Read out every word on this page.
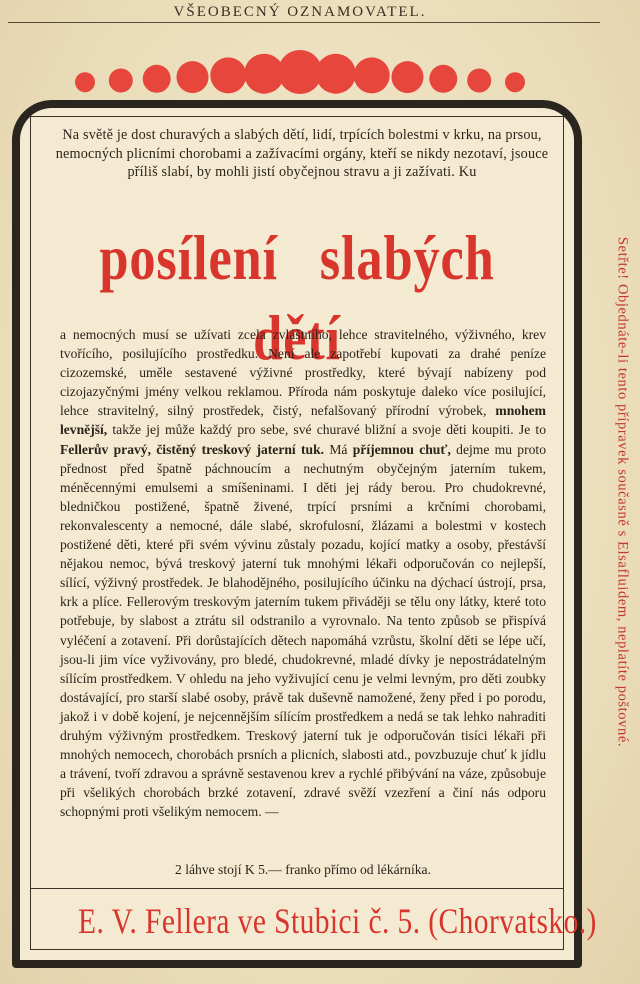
VŠEOBECNÝ OZNAMOVATEL.
Na světě je dost churavých a slabých dětí, lidí, trpících bolestmi v krku, na prsou, nemocných plicními chorobami a zažívacími orgány, kteří se nikdy nezotaví, jsouce příliš slabí, by mohli jistí obyčejnou stravu a ji zažívati. Ku
posílení slabých dětí
a nemocných musí se užívati zcela zvláštního, lehce stravitelného, výživného, krev tvořícího, posilujícího prostředku. Není ale zapotřebí kupovati za drahé peníze cizozemské, uměle sestavené výživné prostředky, které bývají nabízeny pod cizojazyčnými jmény velkou reklamou. Příroda nám poskytuje daleko více posilující, lehce stravitelný, silný prostředek, čistý, nefalšovaný přírodní výrobek, mnohem levnější, takže jej může každý pro sebe, své churavé bližní a svoje děti koupiti. Je to Fellerův pravý, čistěný treskový jaterní tuk. Má příjemnou chuť, dejme mu proto přednost před špatně páchnoucím a nechutným obyčejným jaterním tukem, méněcennými emulsemi a smíšeninami. I děti jej rády berou. Pro chudokrevné, bledničkou postižené, špatně živené, trpící prsními a krčními chorobami, rekonvalescenty a nemocné, dále slabé, skrofulosní, žlázami a bolestmi v kostech postižené děti, které při svém vývinu zůstaly pozadu, kojící matky a osoby, přestávší nějakou nemoc, bývá treskový jaterní tuk mnohými lékaři odporučován co nejlepší, sílící, výživný prostředek. Je blahodějného, posilujícího účinku na dýchací ústrojí, prsa, krk a plíce. Fellerovým treskovým jaterním tukem přiváději se tělu ony látky, které toto potřebuje, by slabost a ztrátu sil odstranilo a vyrovnalo. Na tento způsob se přispívá vyléčení a zotavení. Při dorůstajících dětech napomáhá vzrůstu, školní děti se lépe učí, jsou-li jim více vyživovány, pro bledé, chudokrevné, mladé dívky je nepostrádatelným sílícím prostředkem. V ohledu na jeho vyživující cenu je velmi levným, pro děti zoubky dostávající, pro starší slabé osoby, právě tak duševně namožené, ženy před i po porodu, jakož i v době kojení, je nejcennějším sílícím prostředkem a nedá se tak lehko nahraditi druhým výživným prostředkem. Treskový jaterní tuk je odporučován tisíci lékaři při mnohých nemocech, chorobách prsních a plicních, slabosti atd., povzbuzuje chuť k jídlu a trávení, tvoří zdravou a správně sestavenou krev a rychlé přibývání na váze, způsobuje při všelikých chorobách brzké zotavení, zdravé svěží vzezření a činí nás odporu schopnými proti všelikým nemocem. —
2 láhve stojí K 5.— franko přímo od lékárníka.
E. V. Fellera ve Stubici č. 5. (Chorvatsko.)
Setřte! Objednáte-li tento přípravek současně s Elsafluidem, neplatíte poštovné.
